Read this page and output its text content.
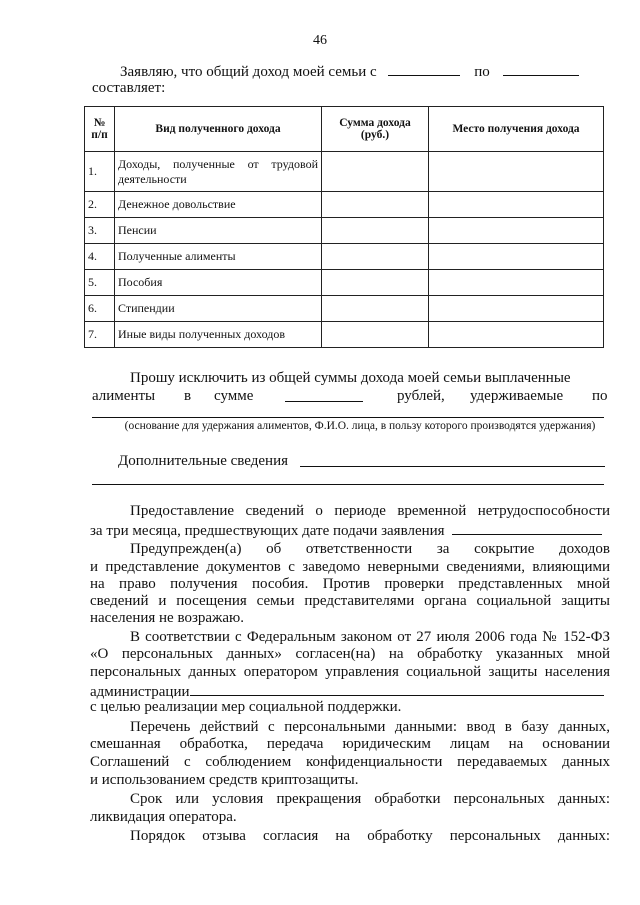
46
Заявляю, что общий доход моей семьи с	по
составляет:
№ п/п	Вид полученного дохода	Сумма дохода (руб.)	Место получения дохода
1.	Доходы, полученные от трудовой деятельности		
2.	Денежное довольствие		
3.	Пенсии		
4.	Полученные алименты		
5.	Пособия		
6.	Стипендии		
7.	Иные виды полученных доходов		
Прошу исключить из общей суммы дохода моей семьи выплаченные
алименты в сумме	рублей, удерживаемые по
(основание для удержания алиментов, Ф.И.О. лица, в пользу которого производятся удержания)
Дополнительные сведения
Предоставление сведений о периоде временной нетрудоспособности
за три месяца, предшествующих дате подачи заявления
Предупрежден(а) об ответственности за сокрытие доходов
и представление документов с заведомо неверными сведениями, влияющими
на право получения пособия. Против проверки представленных мной
сведений и посещения семьи представителями органа социальной защиты
населения не возражаю.
В соответствии с Федеральным законом от 27 июля 2006 года № 152-ФЗ
«О персональных данных» согласен(на) на обработку указанных мной
персональных данных оператором управления социальной защиты населения
администрации
с целью реализации мер социальной поддержки.
Перечень действий с персональными данными: ввод в базу данных,
смешанная обработка, передача юридическим лицам на основании
Соглашений с соблюдением конфиденциальности передаваемых данных
и использованием средств криптозащиты.
Срок или условия прекращения обработки персональных данных:
ликвидация оператора.
Порядок отзыва согласия на обработку персональных данных:
